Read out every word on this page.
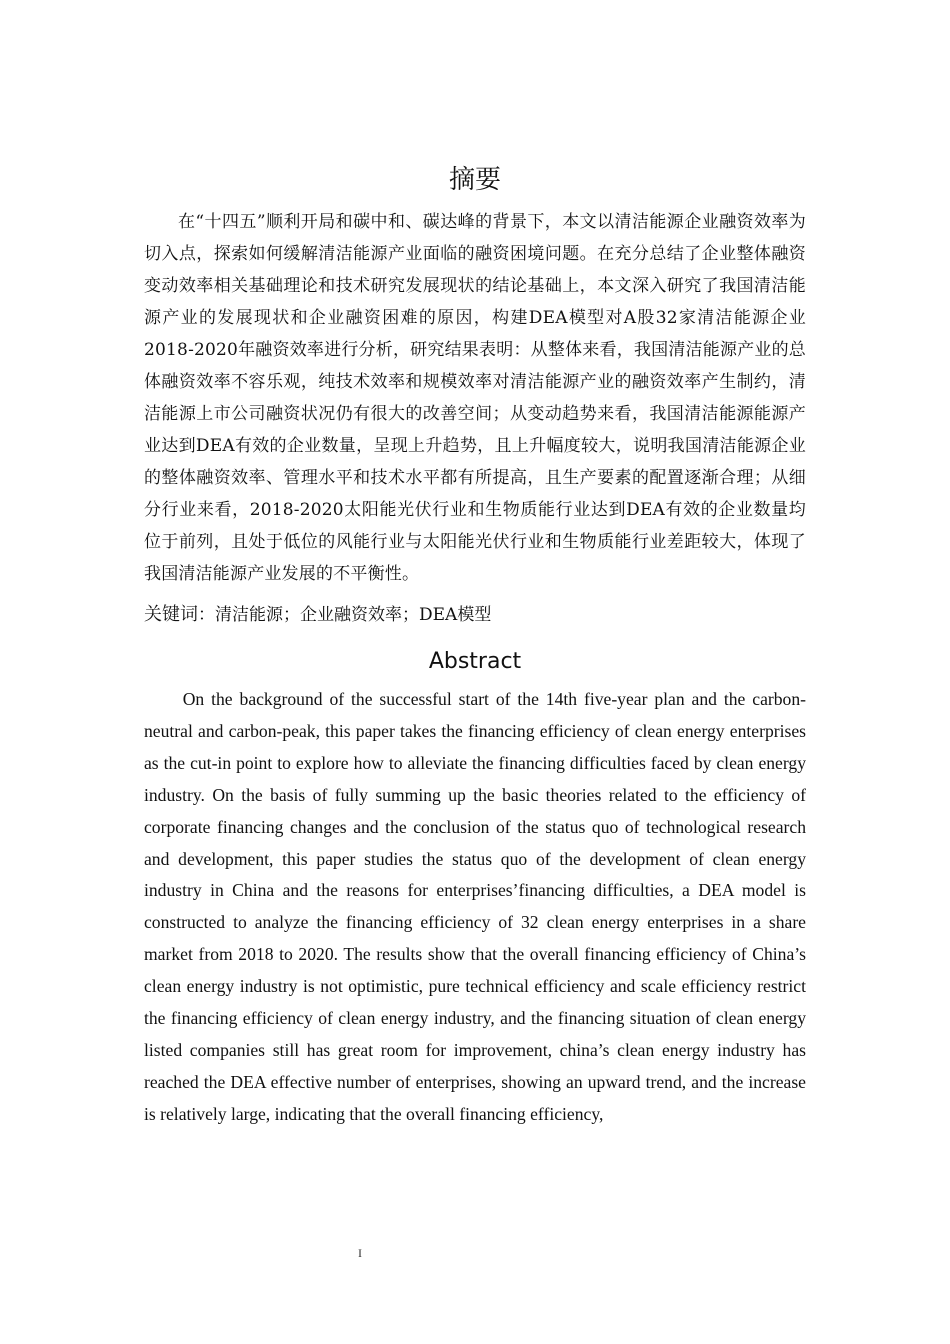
摘要

在“十四五”顺利开局和碳中和、碳达峰的背景下，本文以清洁能源企业融资效率为切入点，探索如何缓解清洁能源产业面临的融资困境问题。在充分总结了企业整体融资变动效率相关基础理论和技术研究发展现状的结论基础上，本文深入研究了我国清洁能源产业的发展现状和企业融资困难的原因，构建DEA模型对A股32家清洁能源企业2018-2020年融资效率进行分析，研究结果表明：从整体来看，我国清洁能源产业的总体融资效率不容乐观，纯技术效率和规模效率对清洁能源产业的融资效率产生制约，清洁能源上市公司融资状况仍有很大的改善空间；从变动趋势来看，我国清洁能源能源产业达到DEA有效的企业数量，呈现上升趋势，且上升幅度较大，说明我国清洁能源企业的整体融资效率、管理水平和技术水平都有所提高，且生产要素的配置逐渐合理；从细分行业来看，2018-2020太阳能光伏行业和生物质能行业达到DEA有效的企业数量均位于前列，且处于低位的风能行业与太阳能光伏行业和生物质能行业差距较大，体现了我国清洁能源产业发展的不平衡性。

关键词：清洁能源；企业融资效率；DEA模型

Abstract

On the background of the successful start of the 14th five-year plan and the carbon-neutral and carbon-peak, this paper takes the financing efficiency of clean energy enterprises as the cut-in point to explore how to alleviate the financing difficulties faced by clean energy industry. On the basis of fully summing up the basic theories related to the efficiency of corporate financing changes and the conclusion of the status quo of technological research and development, this paper studies the status quo of the development of clean energy industry in China and the reasons for enterprises’financing difficulties, a DEA model is constructed to analyze the financing efficiency of 32 clean energy enterprises in a share market from 2018 to 2020. The results show that the overall financing efficiency of China’s clean energy industry is not optimistic, pure technical efficiency and scale efficiency restrict the financing efficiency of clean energy industry, and the financing situation of clean energy listed companies still has great room for improvement, china’s clean energy industry has reached the DEA effective number of enterprises, showing an upward trend, and the increase is relatively large, indicating that the overall financing efficiency,

I
